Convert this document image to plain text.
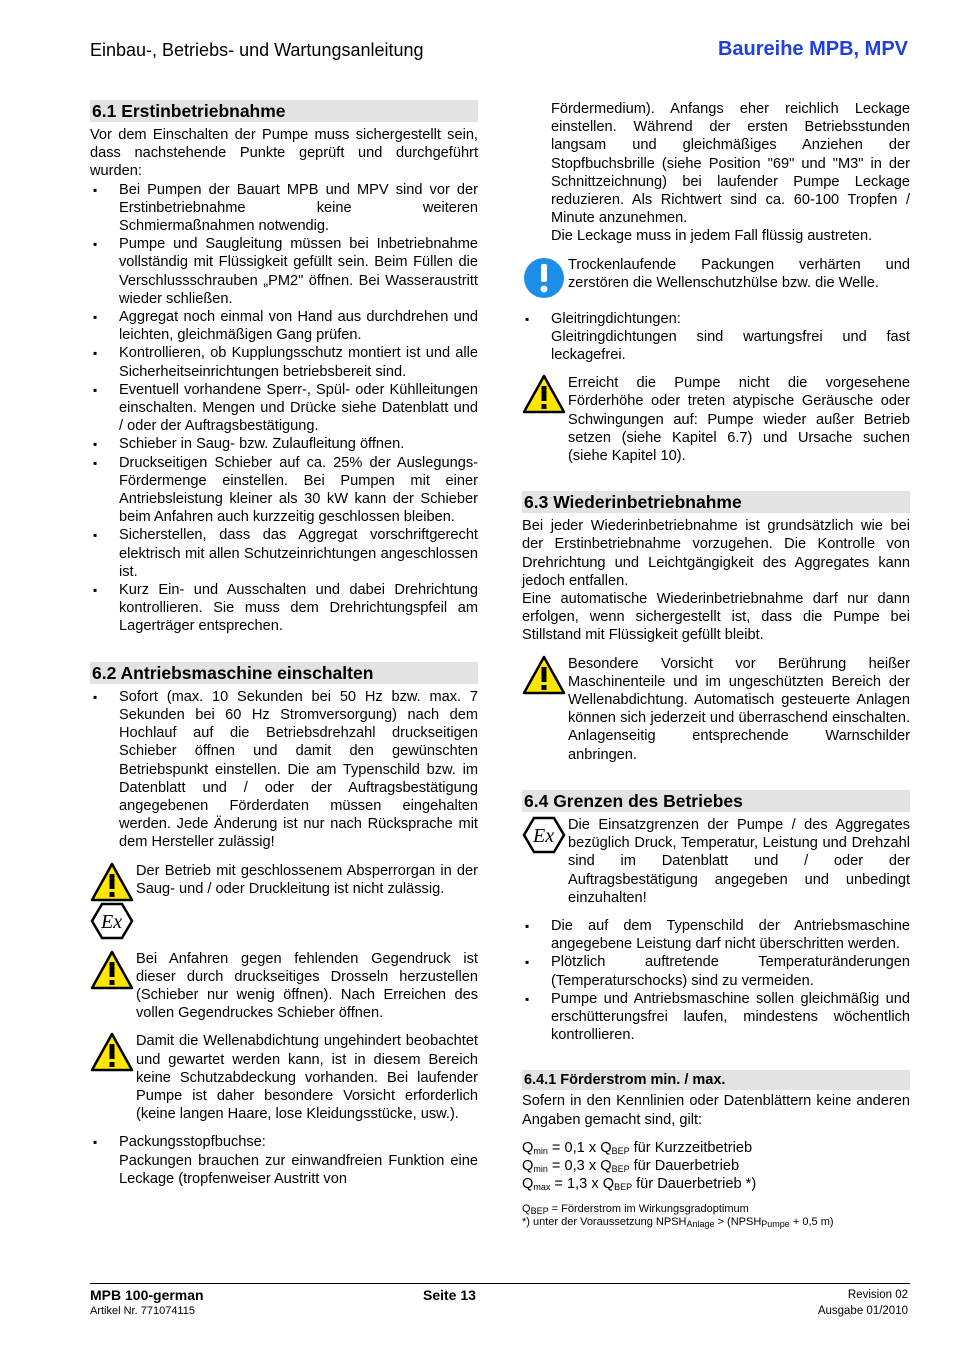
Einbau-, Betriebs- und Wartungsanleitung	Baureihe MPB, MPV
6.1 Erstinbetriebnahme

Vor dem Einschalten der Pumpe muss sichergestellt sein, dass nachstehende Punkte geprüft und durchgeführt wurden:

▪ Bei Pumpen der Bauart MPB und MPV sind vor der Erstinbetriebnahme keine weiteren Schmiermaßnahmen notwendig.
▪ Pumpe und Saugleitung müssen bei Inbetriebnahme vollständig mit Flüssigkeit gefüllt sein. Beim Füllen die Verschlussschrauben „PM2" öffnen. Bei Wasseraustritt wieder schließen.
▪ Aggregat noch einmal von Hand aus durchdrehen und leichten, gleichmäßigen Gang prüfen.
▪ Kontrollieren, ob Kupplungsschutz montiert ist und alle Sicherheitseinrichtungen betriebsbereit sind.
▪ Eventuell vorhandene Sperr-, Spül- oder Kühlleitungen einschalten. Mengen und Drücke siehe Datenblatt und / oder der Auftragsbestätigung.
▪ Schieber in Saug- bzw. Zulaufleitung öffnen.
▪ Druckseitigen Schieber auf ca. 25% der Auslegungs-Fördermenge einstellen. Bei Pumpen mit einer Antriebsleistung kleiner als 30 kW kann der Schieber beim Anfahren auch kurzzeitig geschlossen bleiben.
▪ Sicherstellen, dass das Aggregat vorschriftgerecht elektrisch mit allen Schutzeinrichtungen angeschlossen ist.
▪ Kurz Ein- und Ausschalten und dabei Drehrichtung kontrollieren. Sie muss dem Drehrichtungspfeil am Lagerträger entsprechen.
6.2 Antriebsmaschine einschalten
▪ Sofort (max. 10 Sekunden bei 50 Hz bzw. max. 7 Sekunden bei 60 Hz Stromversorgung) nach dem Hochlauf auf die Betriebsdrehzahl druckseitigen Schieber öffnen und damit den gewünschten Betriebspunkt einstellen. Die am Typenschild bzw. im Datenblatt und / oder der Auftragsbestätigung angegebenen Förderdaten müssen eingehalten werden. Jede Änderung ist nur nach Rücksprache mit dem Hersteller zulässig!
Ex
Der Betrieb mit geschlossenem Absperrorgan in der Saug- und / oder Druckleitung ist nicht zulässig.
Bei Anfahren gegen fehlenden Gegendruck ist dieser durch druckseitiges Drosseln herzustellen (Schieber nur wenig öffnen). Nach Erreichen des vollen Gegendruckes Schieber öffnen.
Damit die Wellenabdichtung ungehindert beobachtet und gewartet werden kann, ist in diesem Bereich keine Schutzabdeckung vorhanden. Bei laufender Pumpe ist daher besondere Vorsicht erforderlich (keine langen Haare, lose Kleidungsstücke, usw.).
▪ Packungsstopfbuchse:
Packungen brauchen zur einwandfreien Funktion eine Leckage (tropfenweiser Austritt von

Fördermedium). Anfangs eher reichlich Leckage einstellen. Während der ersten Betriebsstunden langsam und gleichmäßiges Anziehen der Stopfbuchsbrille (siehe Position "69" und "M3" in der Schnittzeichnung) bei laufender Pumpe Leckage reduzieren. Als Richtwert sind ca. 60-100 Tropfen / Minute anzunehmen.

Die Leckage muss in jedem Fall flüssig austreten.

Trockenlaufende Packungen verhärten und zerstören die Wellenschutzhülse bzw. die Welle.
▪ Gleitringdichtungen:
Gleitringdichtungen sind wartungsfrei und fast leckagefrei.
Erreicht die Pumpe nicht die vorgesehene Förderhöhe oder treten atypische Geräusche oder Schwingungen auf: Pumpe wieder außer Betrieb setzen (siehe Kapitel 6.7) und Ursache suchen (siehe Kapitel 10).
6.3 Wiederinbetriebnahme

Bei jeder Wiederinbetriebnahme ist grundsätzlich wie bei der Erstinbetriebnahme vorzugehen. Die Kontrolle von Drehrichtung und Leichtgängigkeit des Aggregates kann jedoch entfallen.

Eine automatische Wiederinbetriebnahme darf nur dann erfolgen, wenn sichergestellt ist, dass die Pumpe bei Stillstand mit Flüssigkeit gefüllt bleibt.

Besondere Vorsicht vor Berührung heißer Maschinenteile und im ungeschützten Bereich der Wellenabdichtung. Automatisch gesteuerte Anlagen können sich jederzeit und überraschend einschalten. Anlagenseitig entsprechende Warnschilder anbringen.
6.4 Grenzen des Betriebes
Ex Die Einsatzgrenzen der Pumpe / des Aggregates bezüglich Druck, Temperatur, Leistung und Drehzahl sind im Datenblatt und / oder der Auftragsbestätigung angegeben und unbedingt einzuhalten!
▪ Die auf dem Typenschild der Antriebsmaschine angegebene Leistung darf nicht überschritten werden.
▪ Plötzlich auftretende Temperaturänderungen (Temperaturschocks) sind zu vermeiden.
▪ Pumpe und Antriebsmaschine sollen gleichmäßig und erschütterungsfrei laufen, mindestens wöchentlich kontrollieren.
6.4.1 Förderstrom min. / max.

Sofern in den Kennlinien oder Datenblättern keine anderen Angaben gemacht sind, gilt:

$Q_{min} = 0,1$ x $Q_{BEP}$ für Kurzzeitbetrieb
$Q_{min} = 0,3$ x $Q_{BEP}$ für Dauerbetrieb
$Q_{max} = 1,3$ x $Q_{BEP}$ für Dauerbetrieb *)
$Q_{BEP}$ = Förderstrom im Wirkungsgradoptimum
*) unter der Voraussetzung $NPSH_{Anlage}$ > ($NPSH_{Pumpe} + 0,5$ m)
MPB 100-german
Artikel Nr. 771074115
Seite 13	Revision 02
Ausgabe 01/2010
